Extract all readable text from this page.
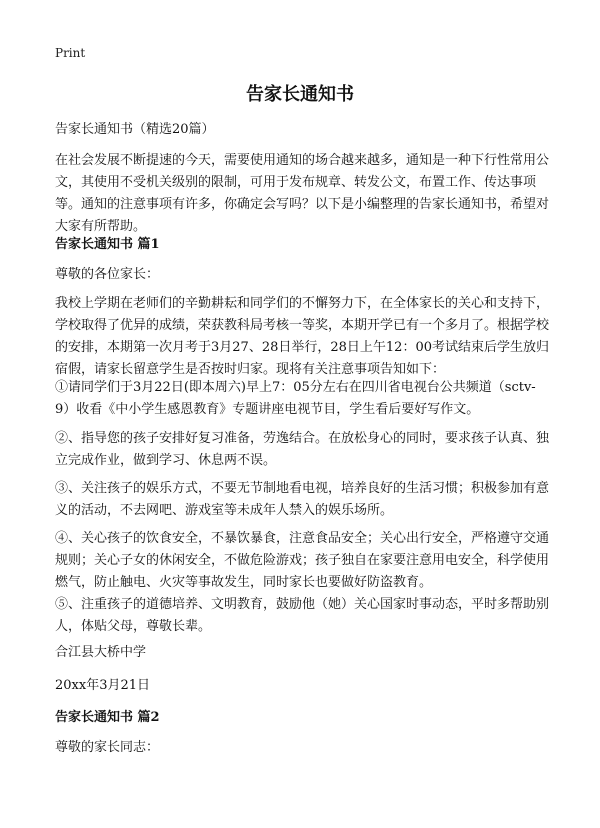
Print
告家长通知书

告家长通知书（精选20篇）

在社会发展不断提速的今天，需要使用通知的场合越来越多，通知是一种下行性常用公文，其使用不受机关级别的限制，可用于发布规章、转发公文，布置工作、传达事项等。通知的注意事项有许多，你确定会写吗？以下是小编整理的告家长通知书，希望对大家有所帮助。

告家长通知书 篇1

尊敬的各位家长：

我校上学期在老师们的辛勤耕耘和同学们的不懈努力下，在全体家长的关心和支持下，学校取得了优异的成绩，荣获教科局考核一等奖，本期开学已有一个多月了。根据学校的安排，本期第一次月考于3月27、28日举行，28日上午12：00考试结束后学生放归宿假，请家长留意学生是否按时归家。现将有关注意事项告知如下：

①请同学们于3月22日(即本周六)早上7：05分左右在四川省电视台公共频道（sctv-9）收看《中小学生感恩教育》专题讲座电视节目，学生看后要好写作文。

②、指导您的孩子安排好复习准备，劳逸结合。在放松身心的同时，要求孩子认真、独立完成作业，做到学习、休息两不误。

③、关注孩子的娱乐方式，不要无节制地看电视，培养良好的生活习惯；积极参加有意义的活动，不去网吧、游戏室等未成年人禁入的娱乐场所。

④、关心孩子的饮食安全，不暴饮暴食，注意食品安全；关心出行安全，严格遵守交通规则；关心子女的休闲安全，不做危险游戏；孩子独自在家要注意用电安全，科学使用燃气，防止触电、火灾等事故发生，同时家长也要做好防盗教育。

⑤、注重孩子的道德培养、文明教育，鼓励他（她）关心国家时事动态，平时多帮助别人，体贴父母，尊敬长辈。

合江县大桥中学

20xx年3月21日

告家长通知书 篇2

尊敬的家长同志：
